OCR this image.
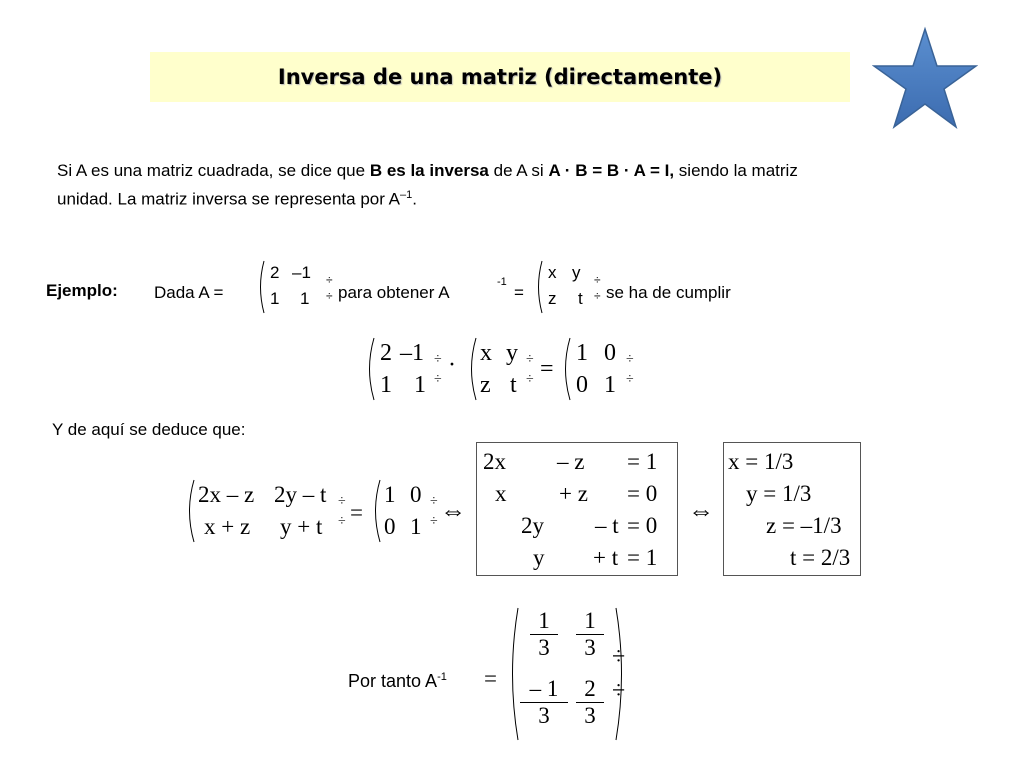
Inversa de una matriz (directamente)
Si A es una matriz cuadrada, se dice que B es la inversa de A si A · B = B · A = I, siendo la matriz
unidad. La matriz inversa se representa por $A^{-1}$.
Ejemplo: Dada A =
2 –1
1 1
÷
÷ para obtener A
-1
=
x y
z t
÷
÷ se ha de cumplir
2 –1
1 1
÷
÷
· x y
z t
÷
÷ =
1 0
0 1
÷
÷
Y de aquí se deduce que:
2x – z 2y – t
x + z y + t
÷
÷ =
1 0
0 1
÷
÷ ⇔
2x – z = 1
x + z = 0
2y – t = 0
y + t = 1
⇔
x = 1/3
y = 1/3
z = –1/3
t = 2/3
Por tanto $A^{-1}$ =
$\frac{1}{3} \frac{1}{3}$
$\frac{- 1}{3} \frac{2}{3}$
÷
÷
